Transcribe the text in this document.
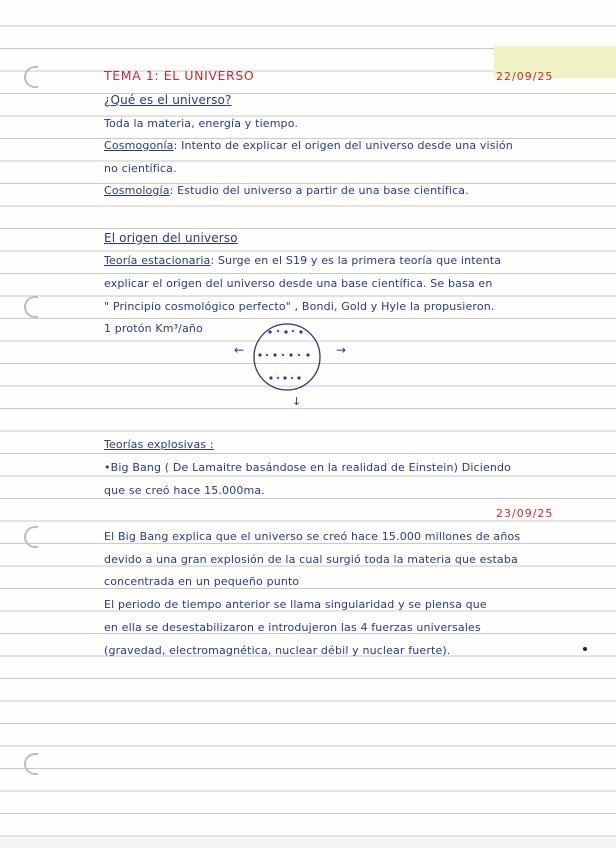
TEMA 1: EL UNIVERSO	22/09/25
¿Qué es el universo?
Toda la materia, energía y tiempo.
Cosmogonía: Intento de explicar el origen del universo desde una visión
no científica.
Cosmología: Estudio del universo a partir de una base científica.
El origen del universo
Teoría estacionaria: Surge en el S19 y es la primera teoría que intenta
explicar el origen del universo desde una base científica. Se basa en
" Principio cosmológico perfecto" , Bondi, Gold y Hyle la propusieron.
1 protón Km³/año
←	→
↓
Teorías explosivas :
•Big Bang ( De Lamaitre basándose en la realidad de Einstein) Diciendo
que se creó hace 15.000ma.
23/09/25
El Big Bang explica que el universo se creó hace 15.000 millones de años
devido a una gran explosión de la cual surgió toda la materia que estaba
concentrada en un pequeño punto
El periodo de tiempo anterior se llama singularidad y se piensa que
en ella se desestabilizaron e introdujeron las 4 fuerzas universales
(gravedad, electromagnética, nuclear débil y nuclear fuerte).
